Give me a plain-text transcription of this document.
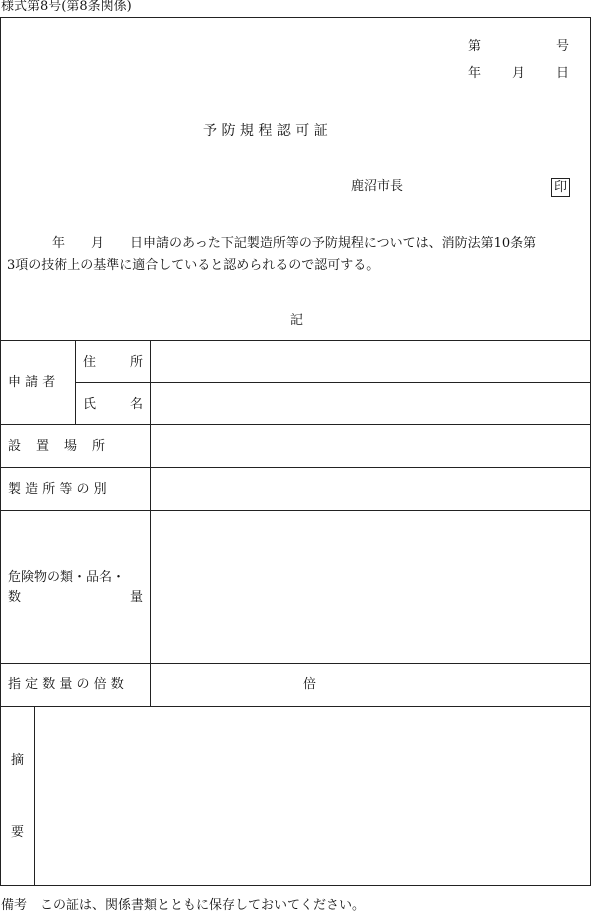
様式第8号(第8条関係)
第	号
年 月 日
予 防 規 程 認 可 証
鹿沼市長	印
年　　月　　日申請のあった下記製造所等の予防規程については、消防法第10条第
3項の技術上の基準に適合していると認められるので認可する。
記
申 請 者
住	所
氏	名
設　置　場　所
製 造 所 等 の 別
危険物の類・品名・
数	量
指 定 数 量 の 倍 数	倍
摘
要
備考　この証は、関係書類とともに保存しておいてください。
